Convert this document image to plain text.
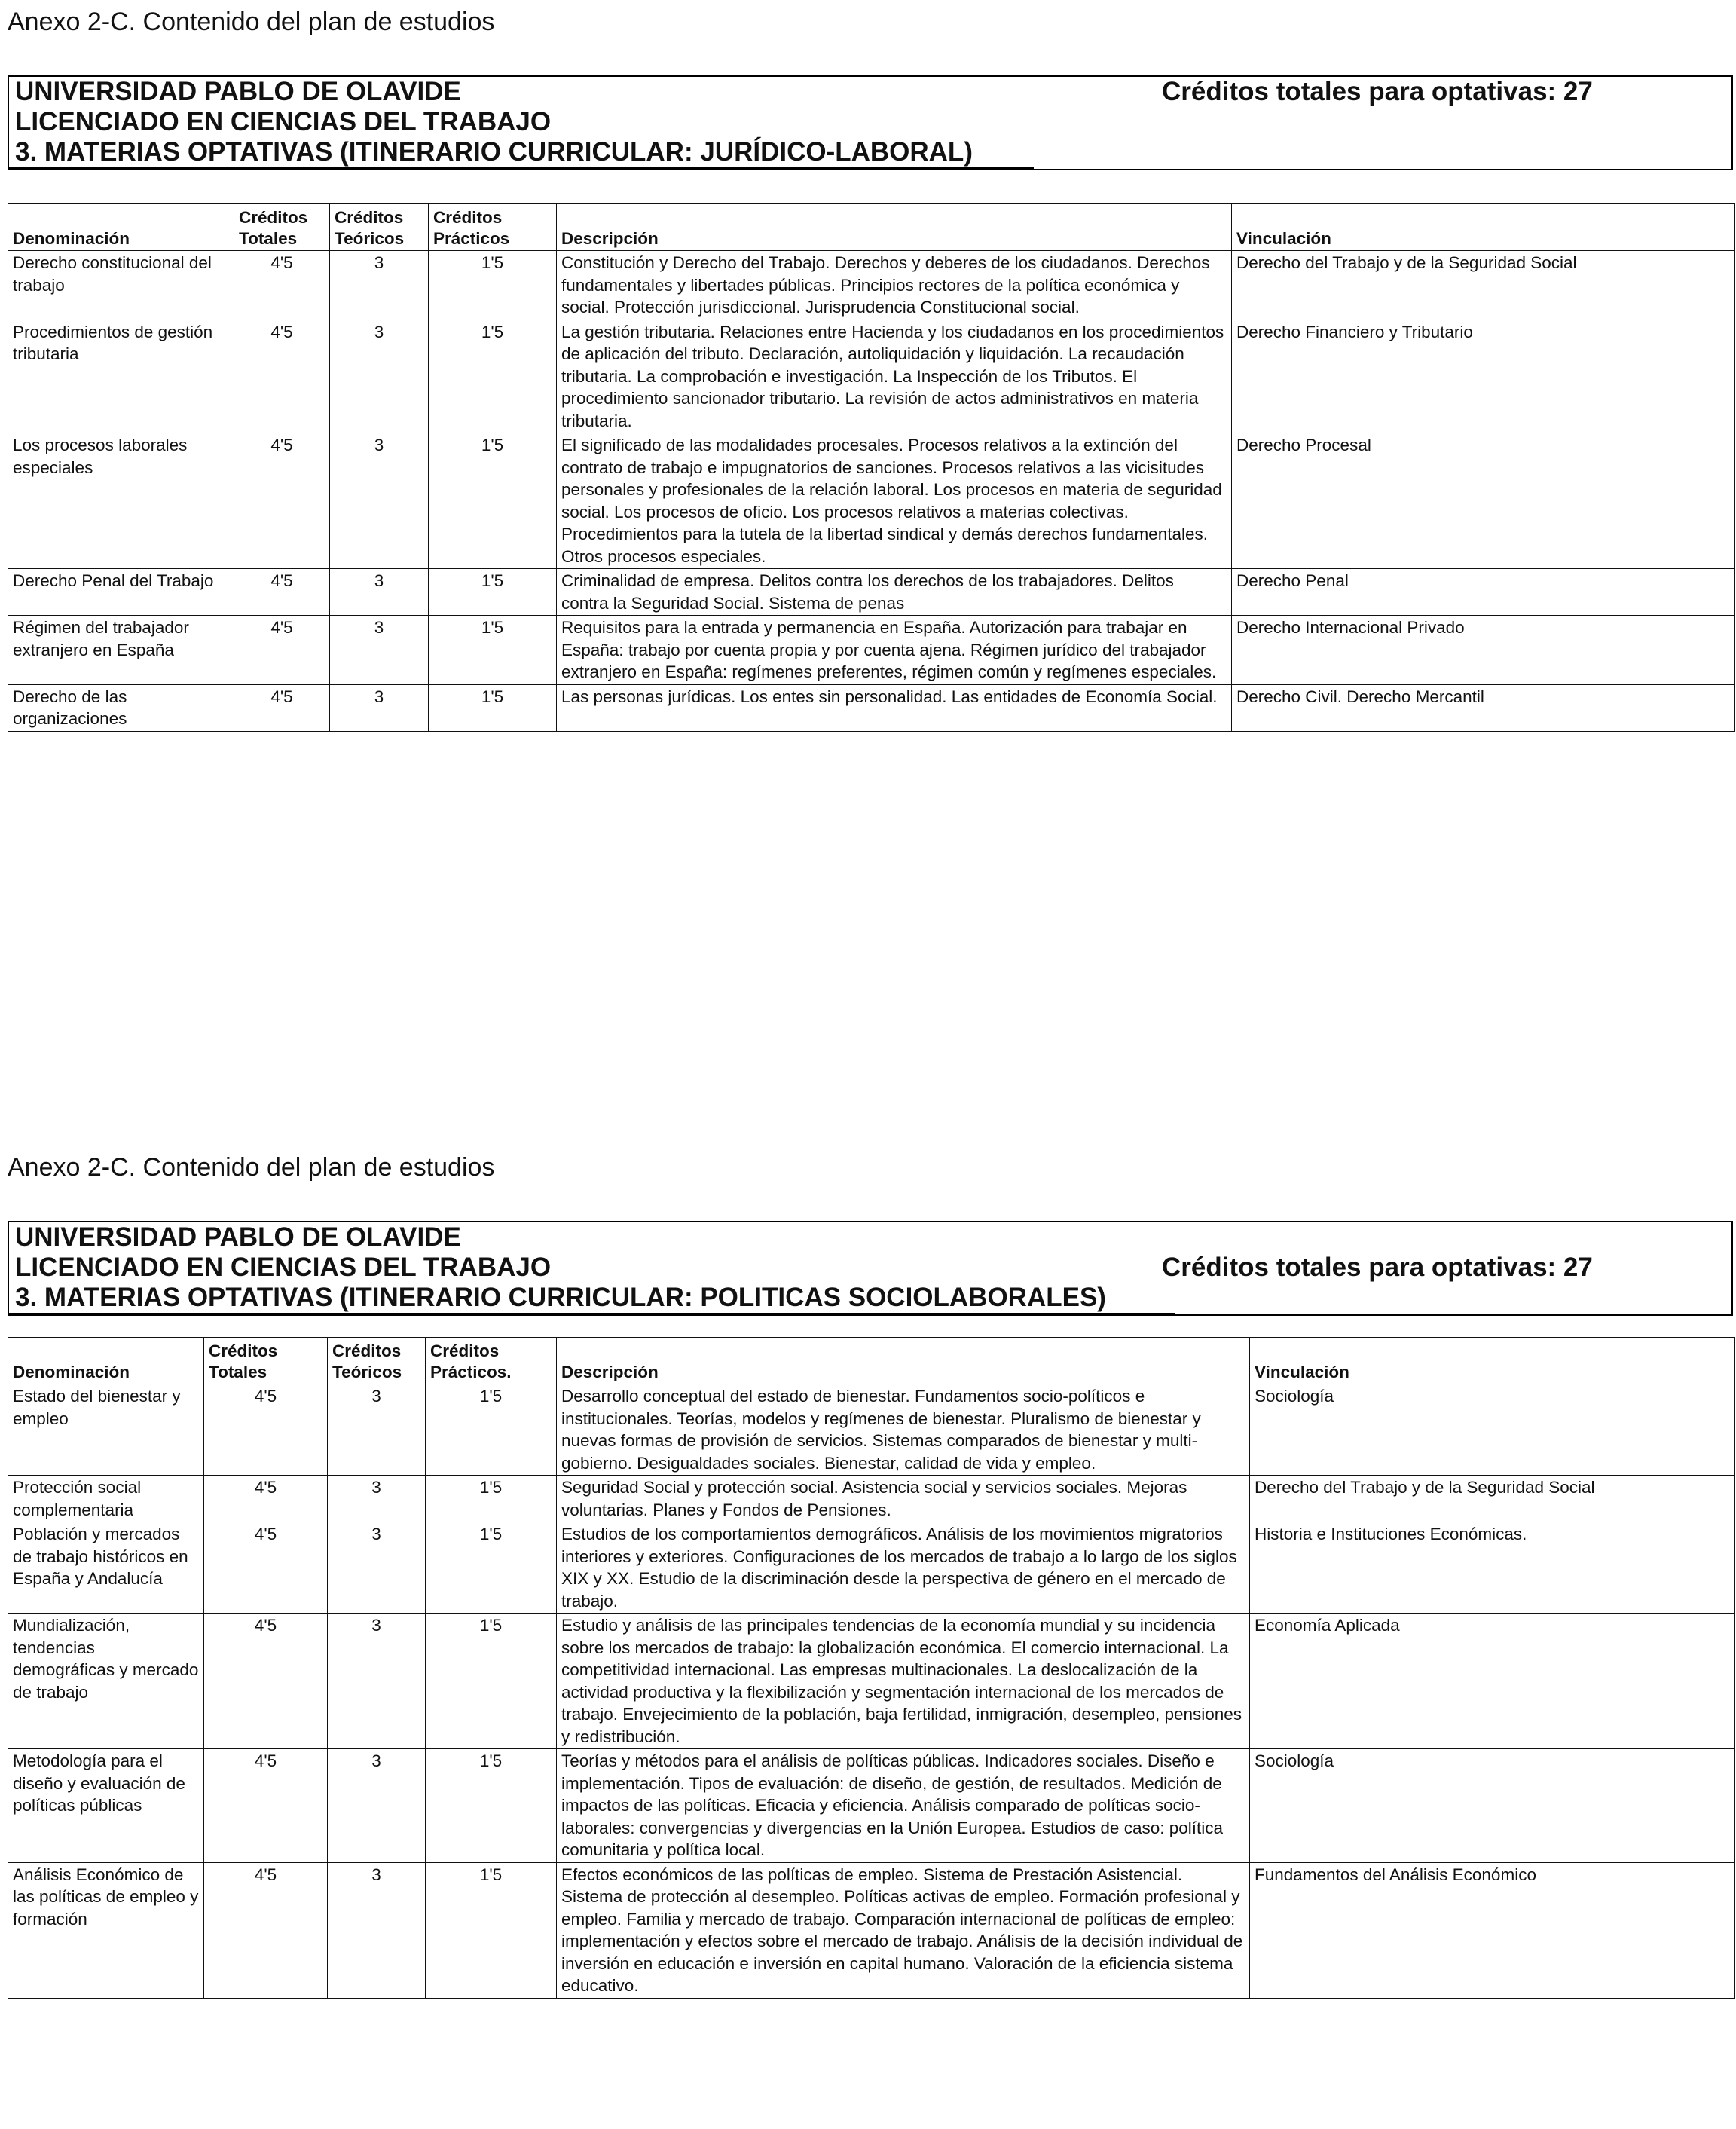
Anexo 2-C. Contenido del plan de estudios
UNIVERSIDAD PABLO DE OLAVIDE	Créditos totales para optativas: 27
LICENCIADO EN CIENCIAS DEL TRABAJO
3. MATERIAS OPTATIVAS (ITINERARIO CURRICULAR: JURÍDICO-LABORAL)
Denominación	Créditos Totales	Créditos Teóricos	Créditos Prácticos	Descripción	Vinculación
Derecho constitucional del trabajo	4'5	3	1'5	Constitución y Derecho del Trabajo. Derechos y deberes de los ciudadanos. Derechos fundamentales y libertades públicas. Principios rectores de la política económica y social. Protección jurisdiccional. Jurisprudencia Constitucional social.	Derecho del Trabajo y de la Seguridad Social
Procedimientos de gestión tributaria	4'5	3	1'5	La gestión tributaria. Relaciones entre Hacienda y los ciudadanos en los procedimientos de aplicación del tributo. Declaración, autoliquidación y liquidación. La recaudación tributaria. La comprobación e investigación. La Inspección de los Tributos. El procedimiento sancionador tributario. La revisión de actos administrativos en materia tributaria.	Derecho Financiero y Tributario
Los procesos laborales especiales	4'5	3	1'5	El significado de las modalidades procesales. Procesos relativos a la extinción del contrato de trabajo e impugnatorios de sanciones. Procesos relativos a las vicisitudes personales y profesionales de la relación laboral. Los procesos en materia de seguridad social. Los procesos de oficio. Los procesos relativos a materias colectivas. Procedimientos para la tutela de la libertad sindical y demás derechos fundamentales. Otros procesos especiales.	Derecho Procesal
Derecho Penal del Trabajo	4'5	3	1'5	Criminalidad de empresa. Delitos contra los derechos de los trabajadores. Delitos contra la Seguridad Social. Sistema de penas	Derecho Penal
Régimen del trabajador extranjero en España	4'5	3	1'5	Requisitos para la entrada y permanencia en España. Autorización para trabajar en España: trabajo por cuenta propia y por cuenta ajena. Régimen jurídico del trabajador extranjero en España: regímenes preferentes, régimen común y regímenes especiales.	Derecho Internacional Privado
Derecho de las organizaciones	4'5	3	1'5	Las personas jurídicas. Los entes sin personalidad. Las entidades de Economía Social.	Derecho Civil. Derecho Mercantil
Anexo 2-C. Contenido del plan de estudios
UNIVERSIDAD PABLO DE OLAVIDE
LICENCIADO EN CIENCIAS DEL TRABAJO	Créditos totales para optativas: 27
3. MATERIAS OPTATIVAS (ITINERARIO CURRICULAR: POLITICAS SOCIOLABORALES)
Denominación	Créditos Totales	Créditos Teóricos	Créditos Prácticos.	Descripción	Vinculación
Estado del bienestar y empleo	4'5	3	1'5	Desarrollo conceptual del estado de bienestar. Fundamentos socio-políticos e institucionales. Teorías, modelos y regímenes de bienestar. Pluralismo de bienestar y nuevas formas de provisión de servicios. Sistemas comparados de bienestar y multi-gobierno. Desigualdades sociales. Bienestar, calidad de vida y empleo.	Sociología
Protección social complementaria	4'5	3	1'5	Seguridad Social y protección social. Asistencia social y servicios sociales. Mejoras voluntarias. Planes y Fondos de Pensiones.	Derecho del Trabajo y de la Seguridad Social
Población y mercados de trabajo históricos en España y Andalucía	4'5	3	1'5	Estudios de los comportamientos demográficos. Análisis de los movimientos migratorios interiores y exteriores. Configuraciones de los mercados de trabajo a lo largo de los siglos XIX y XX. Estudio de la discriminación desde la perspectiva de género en el mercado de trabajo.	Historia e Instituciones Económicas.
Mundialización, tendencias demográficas y mercado de trabajo	4'5	3	1'5	Estudio y análisis de las principales tendencias de la economía mundial y su incidencia sobre los mercados de trabajo: la globalización económica. El comercio internacional. La competitividad internacional. Las empresas multinacionales. La deslocalización de la actividad productiva y la flexibilización y segmentación internacional de los mercados de trabajo. Envejecimiento de la población, baja fertilidad, inmigración, desempleo, pensiones y redistribución.	Economía Aplicada
Metodología para el diseño y evaluación de políticas públicas	4'5	3	1'5	Teorías y métodos para el análisis de políticas públicas. Indicadores sociales. Diseño e implementación. Tipos de evaluación: de diseño, de gestión, de resultados. Medición de impactos de las políticas. Eficacia y eficiencia. Análisis comparado de políticas socio-laborales: convergencias y divergencias en la Unión Europea. Estudios de caso: política comunitaria y política local.	Sociología
Análisis Económico de las políticas de empleo y formación	4'5	3	1'5	Efectos económicos de las políticas de empleo. Sistema de Prestación Asistencial. Sistema de protección al desempleo. Políticas activas de empleo. Formación profesional y empleo. Familia y mercado de trabajo. Comparación internacional de políticas de empleo: implementación y efectos sobre el mercado de trabajo. Análisis de la decisión individual de inversión en educación e inversión en capital humano. Valoración de la eficiencia sistema educativo.	Fundamentos del Análisis Económico
